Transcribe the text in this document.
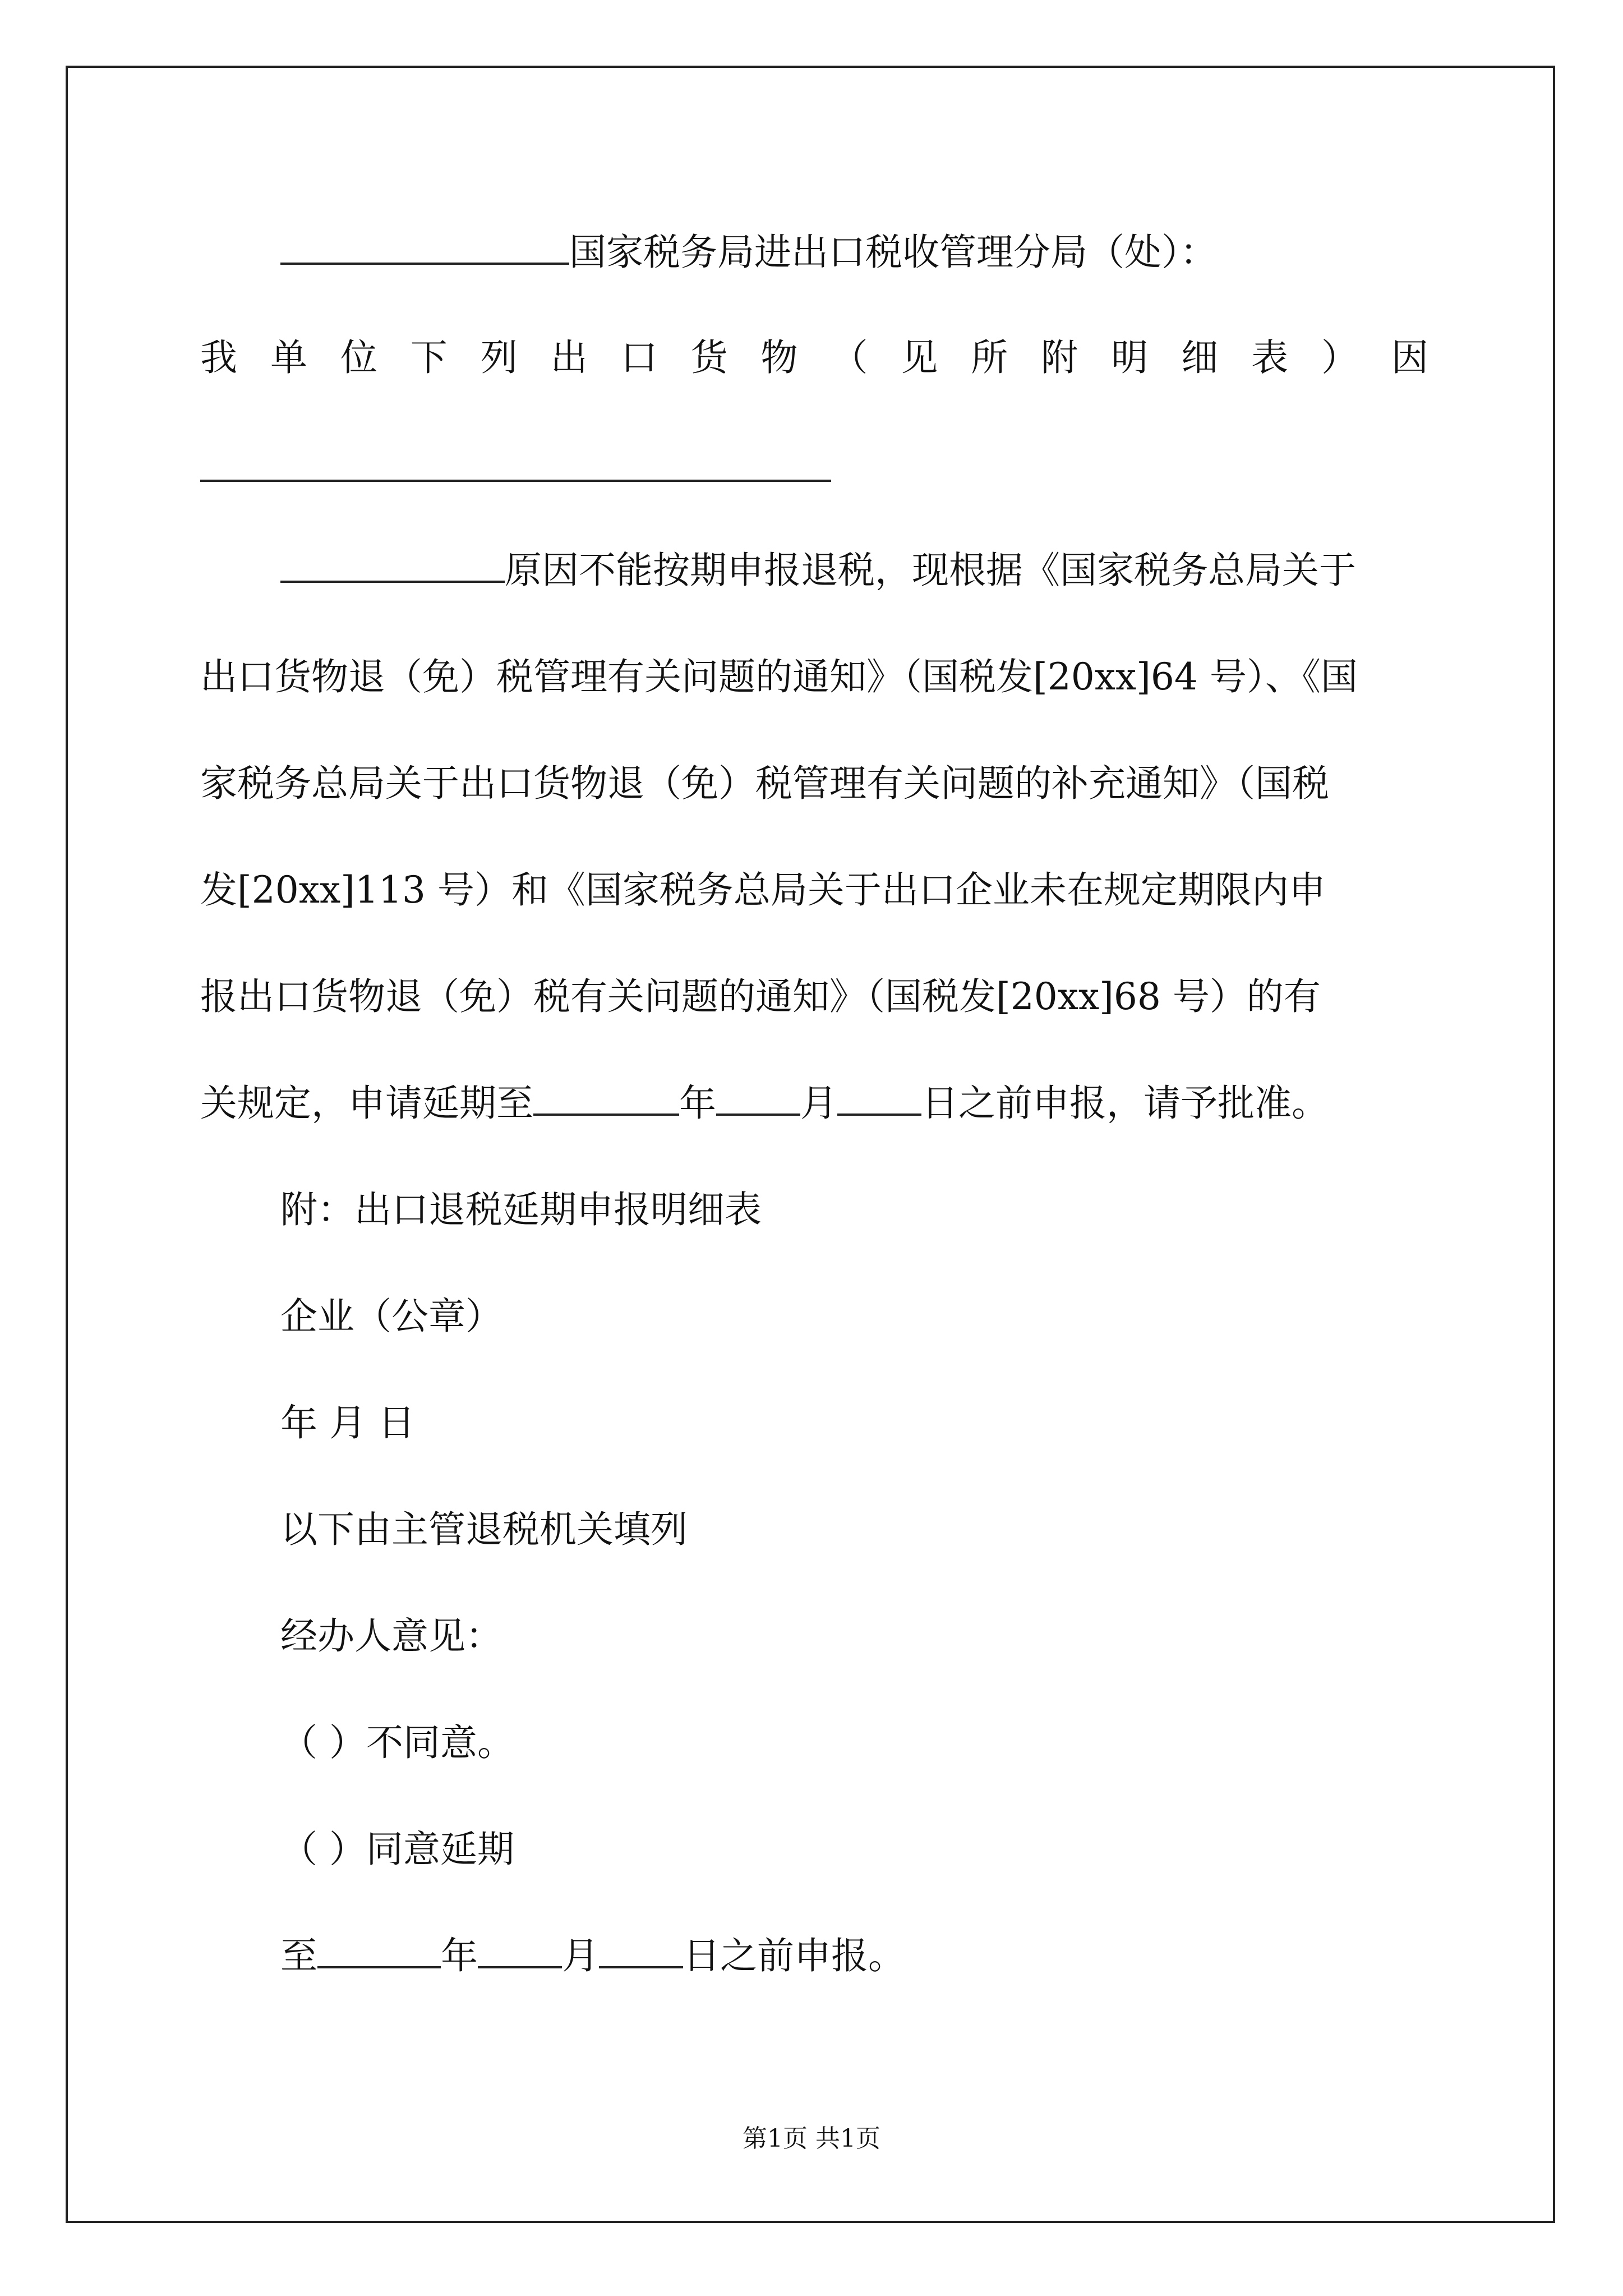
国家税务局进出口税收管理分局（处）：

我 单 位 下 列 出 口 货 物 （ 见 所 附 明 细 表 ） 因

原因不能按期申报退税，现根据《国家税务总局关于

出口货物退（免）税管理有关问题的通知》（国税发[20xx]64 号）、《国

家税务总局关于出口货物退（免）税管理有关问题的补充通知》（国税

发[20xx]113 号）和《国家税务总局关于出口企业未在规定期限内申

报出口货物退（免）税有关问题的通知》（国税发[20xx]68 号）的有

关规定，申请延期至	年 月 日之前申报，请予批准。

附：出口退税延期申报明细表

企业（公章）

年 月 日

以下由主管退税机关填列

经办人意见：

（ ）不同意。

（ ）同意延期

至	年 月 日之前申报。

第1页 共1页
